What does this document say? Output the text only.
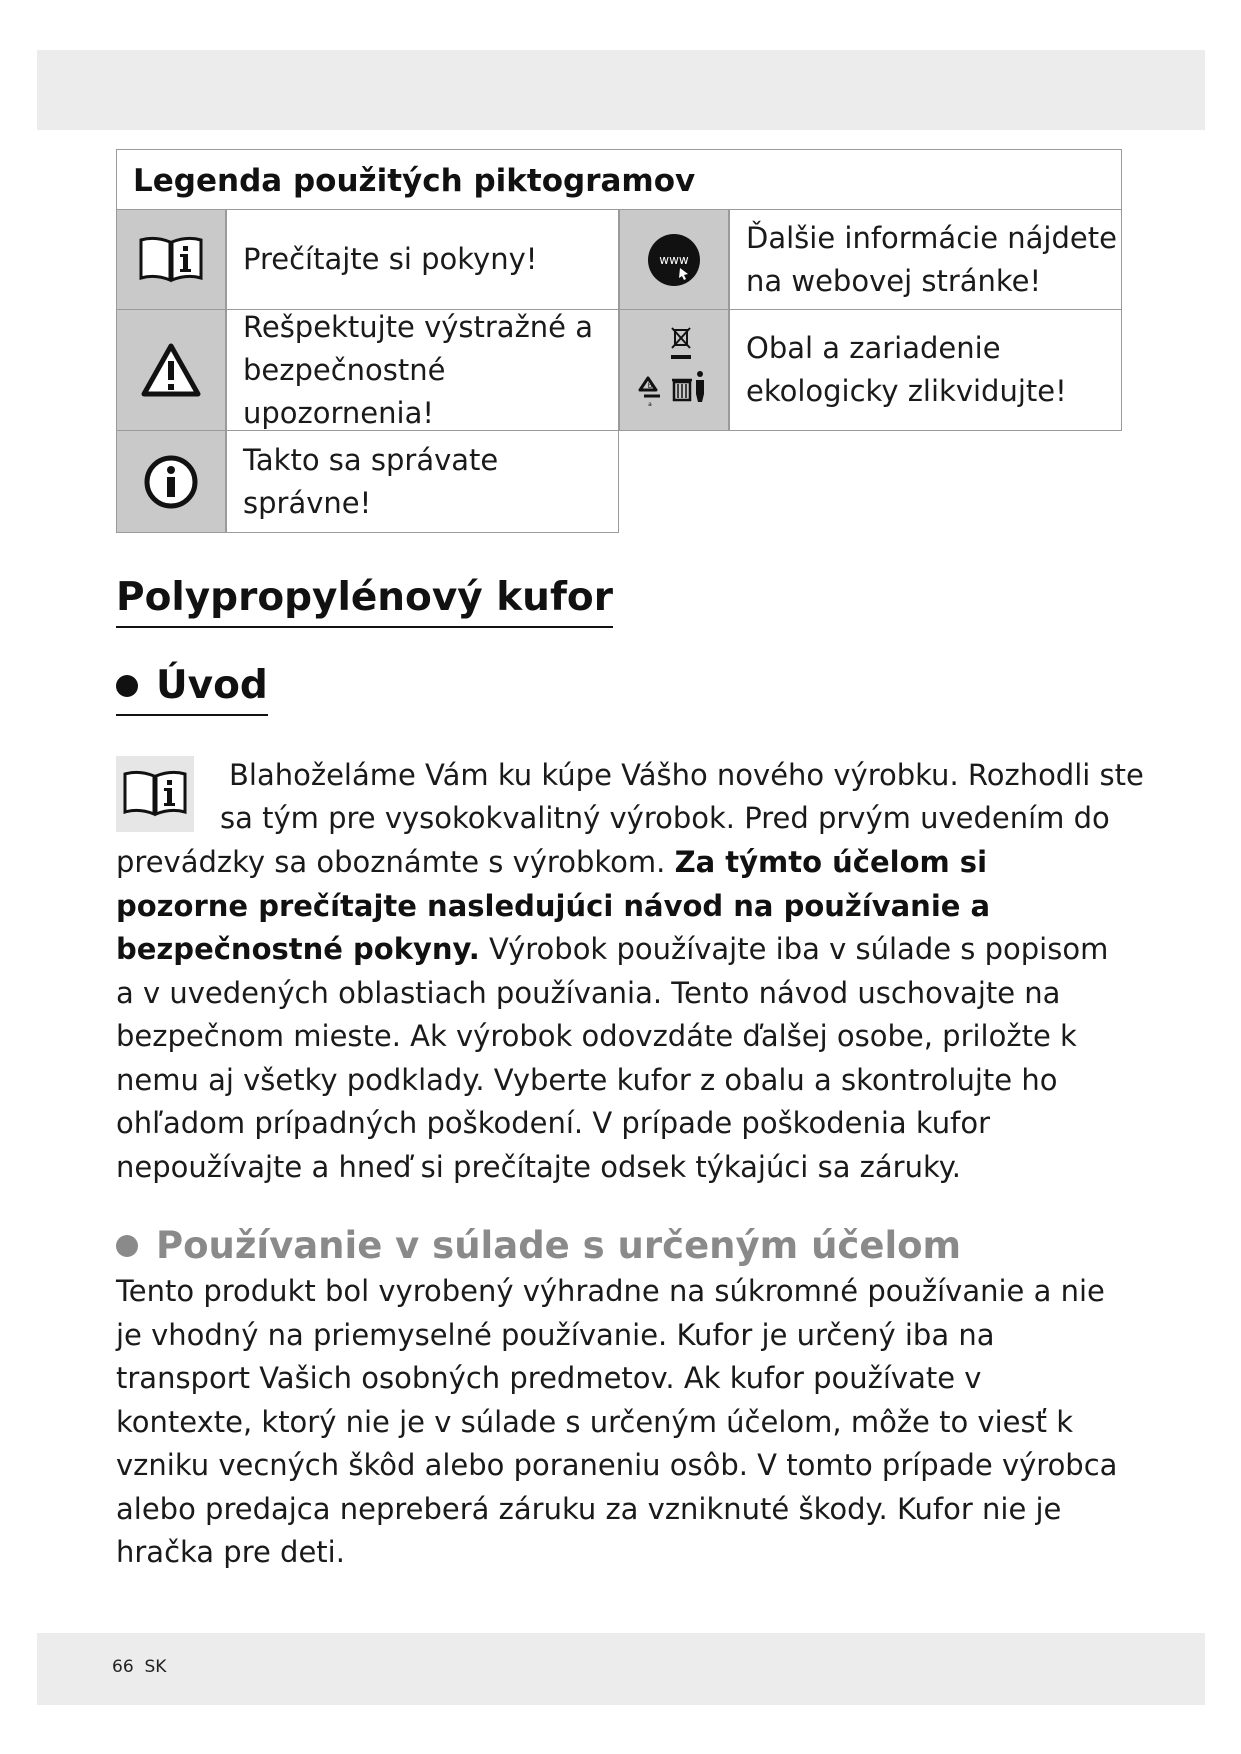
Legenda použitých piktogramov
Prečítajte si pokyny!	www
Ďalšie informácie nájdete
na webovej stránke!
Rešpektujte výstražné a
bezpečnostné upozornenia!
b
a
Obal a zariadenie
ekologicky zlikvidujte!
Takto sa správate
správne!
Polypropylénový kufor
Úvod
Blahoželáme Vám ku kúpe Vášho nového výrobku. Rozhodli ste
sa tým pre vysokokvalitný výrobok. Pred prvým uvedením do
prevádzky sa oboznámte s výrobkom. Za týmto účelom si pozorne prečítajte nasledujúci návod na používanie a bezpečnostné pokyny. Výrobok používajte iba v súlade s popisom a v uvedených oblastiach používania. Tento návod uschovajte na bezpečnom mieste. Ak výrobok odovzdáte ďalšej osobe, priložte k nemu aj všetky podklady. Vyberte kufor z obalu a skontrolujte ho ohľadom prípadných poškodení. V prípade poškodenia kufor nepoužívajte a hneď si prečítajte odsek týkajúci sa záruky.
Používanie v súlade s určeným účelom
Tento produkt bol vyrobený výhradne na súkromné používanie a nie je vhodný na priemyselné používanie. Kufor je určený iba na transport Vašich osobných predmetov. Ak kufor používate v kontexte, ktorý nie je v súlade s určeným účelom, môže to viesť k vzniku vecných škôd alebo poraneniu osôb. V tomto prípade výrobca alebo predajca nepreberá záruku za vzniknuté škody. Kufor nie je hračka pre deti.
66 SK
